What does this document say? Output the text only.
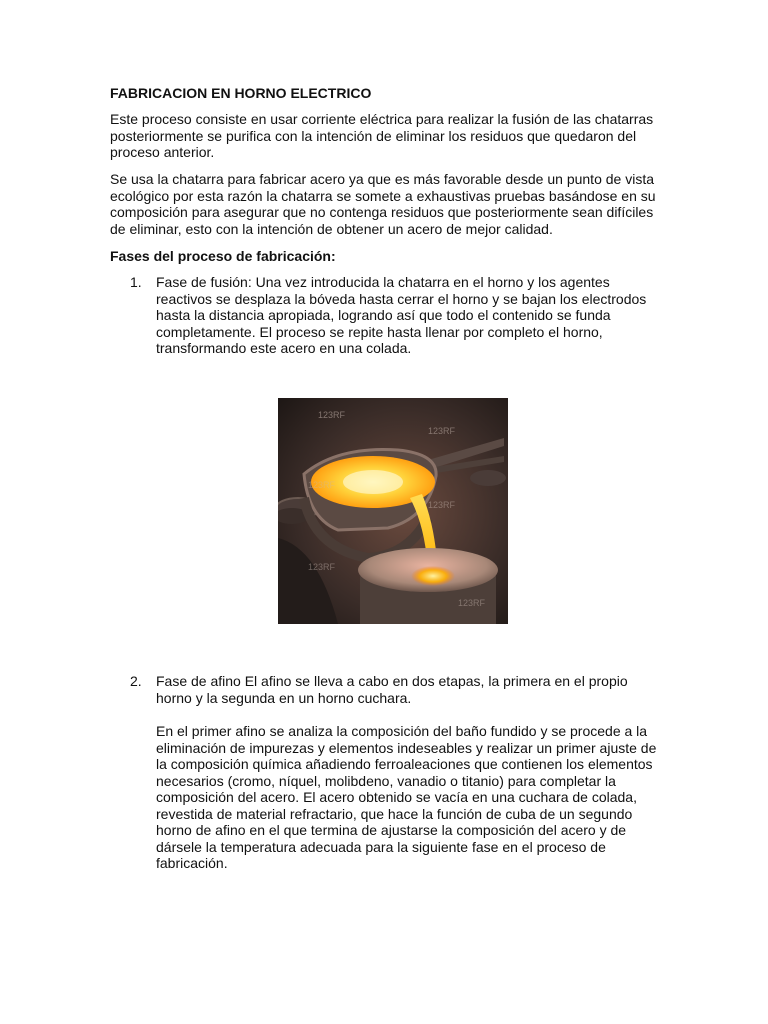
FABRICACION EN HORNO ELECTRICO

Este proceso consiste en usar corriente eléctrica para realizar la fusión de las chatarras posteriormente se purifica con la intención de eliminar los residuos que quedaron del proceso anterior.

Se usa la chatarra para fabricar acero ya que es más favorable desde un punto de vista ecológico por esta razón la chatarra se somete a exhaustivas pruebas basándose en su composición para asegurar que no contenga residuos que posteriormente sean difíciles de eliminar, esto con la intención de obtener un acero de mejor calidad.

Fases del proceso de fabricación:

1. Fase de fusión: Una vez introducida la chatarra en el horno y los agentes reactivos se desplaza la bóveda hasta cerrar el horno y se bajan los electrodos hasta la distancia apropiada, logrando así que todo el contenido se funda completamente. El proceso se repite hasta llenar por completo el horno, transformando este acero en una colada.

123RF
123RF
123RF
123RF
123RF
123RF
2. Fase de afino El afino se lleva a cabo en dos etapas, la primera en el propio horno y la segunda en un horno cuchara.

En el primer afino se analiza la composición del baño fundido y se procede a la eliminación de impurezas y elementos indeseables y realizar un primer ajuste de la composición química añadiendo ferroaleaciones que contienen los elementos necesarios (cromo, níquel, molibdeno, vanadio o titanio) para completar la composición del acero. El acero obtenido se vacía en una cuchara de colada, revestida de material refractario, que hace la función de cuba de un segundo horno de afino en el que termina de ajustarse la composición del acero y de dársele la temperatura adecuada para la siguiente fase en el proceso de fabricación.
